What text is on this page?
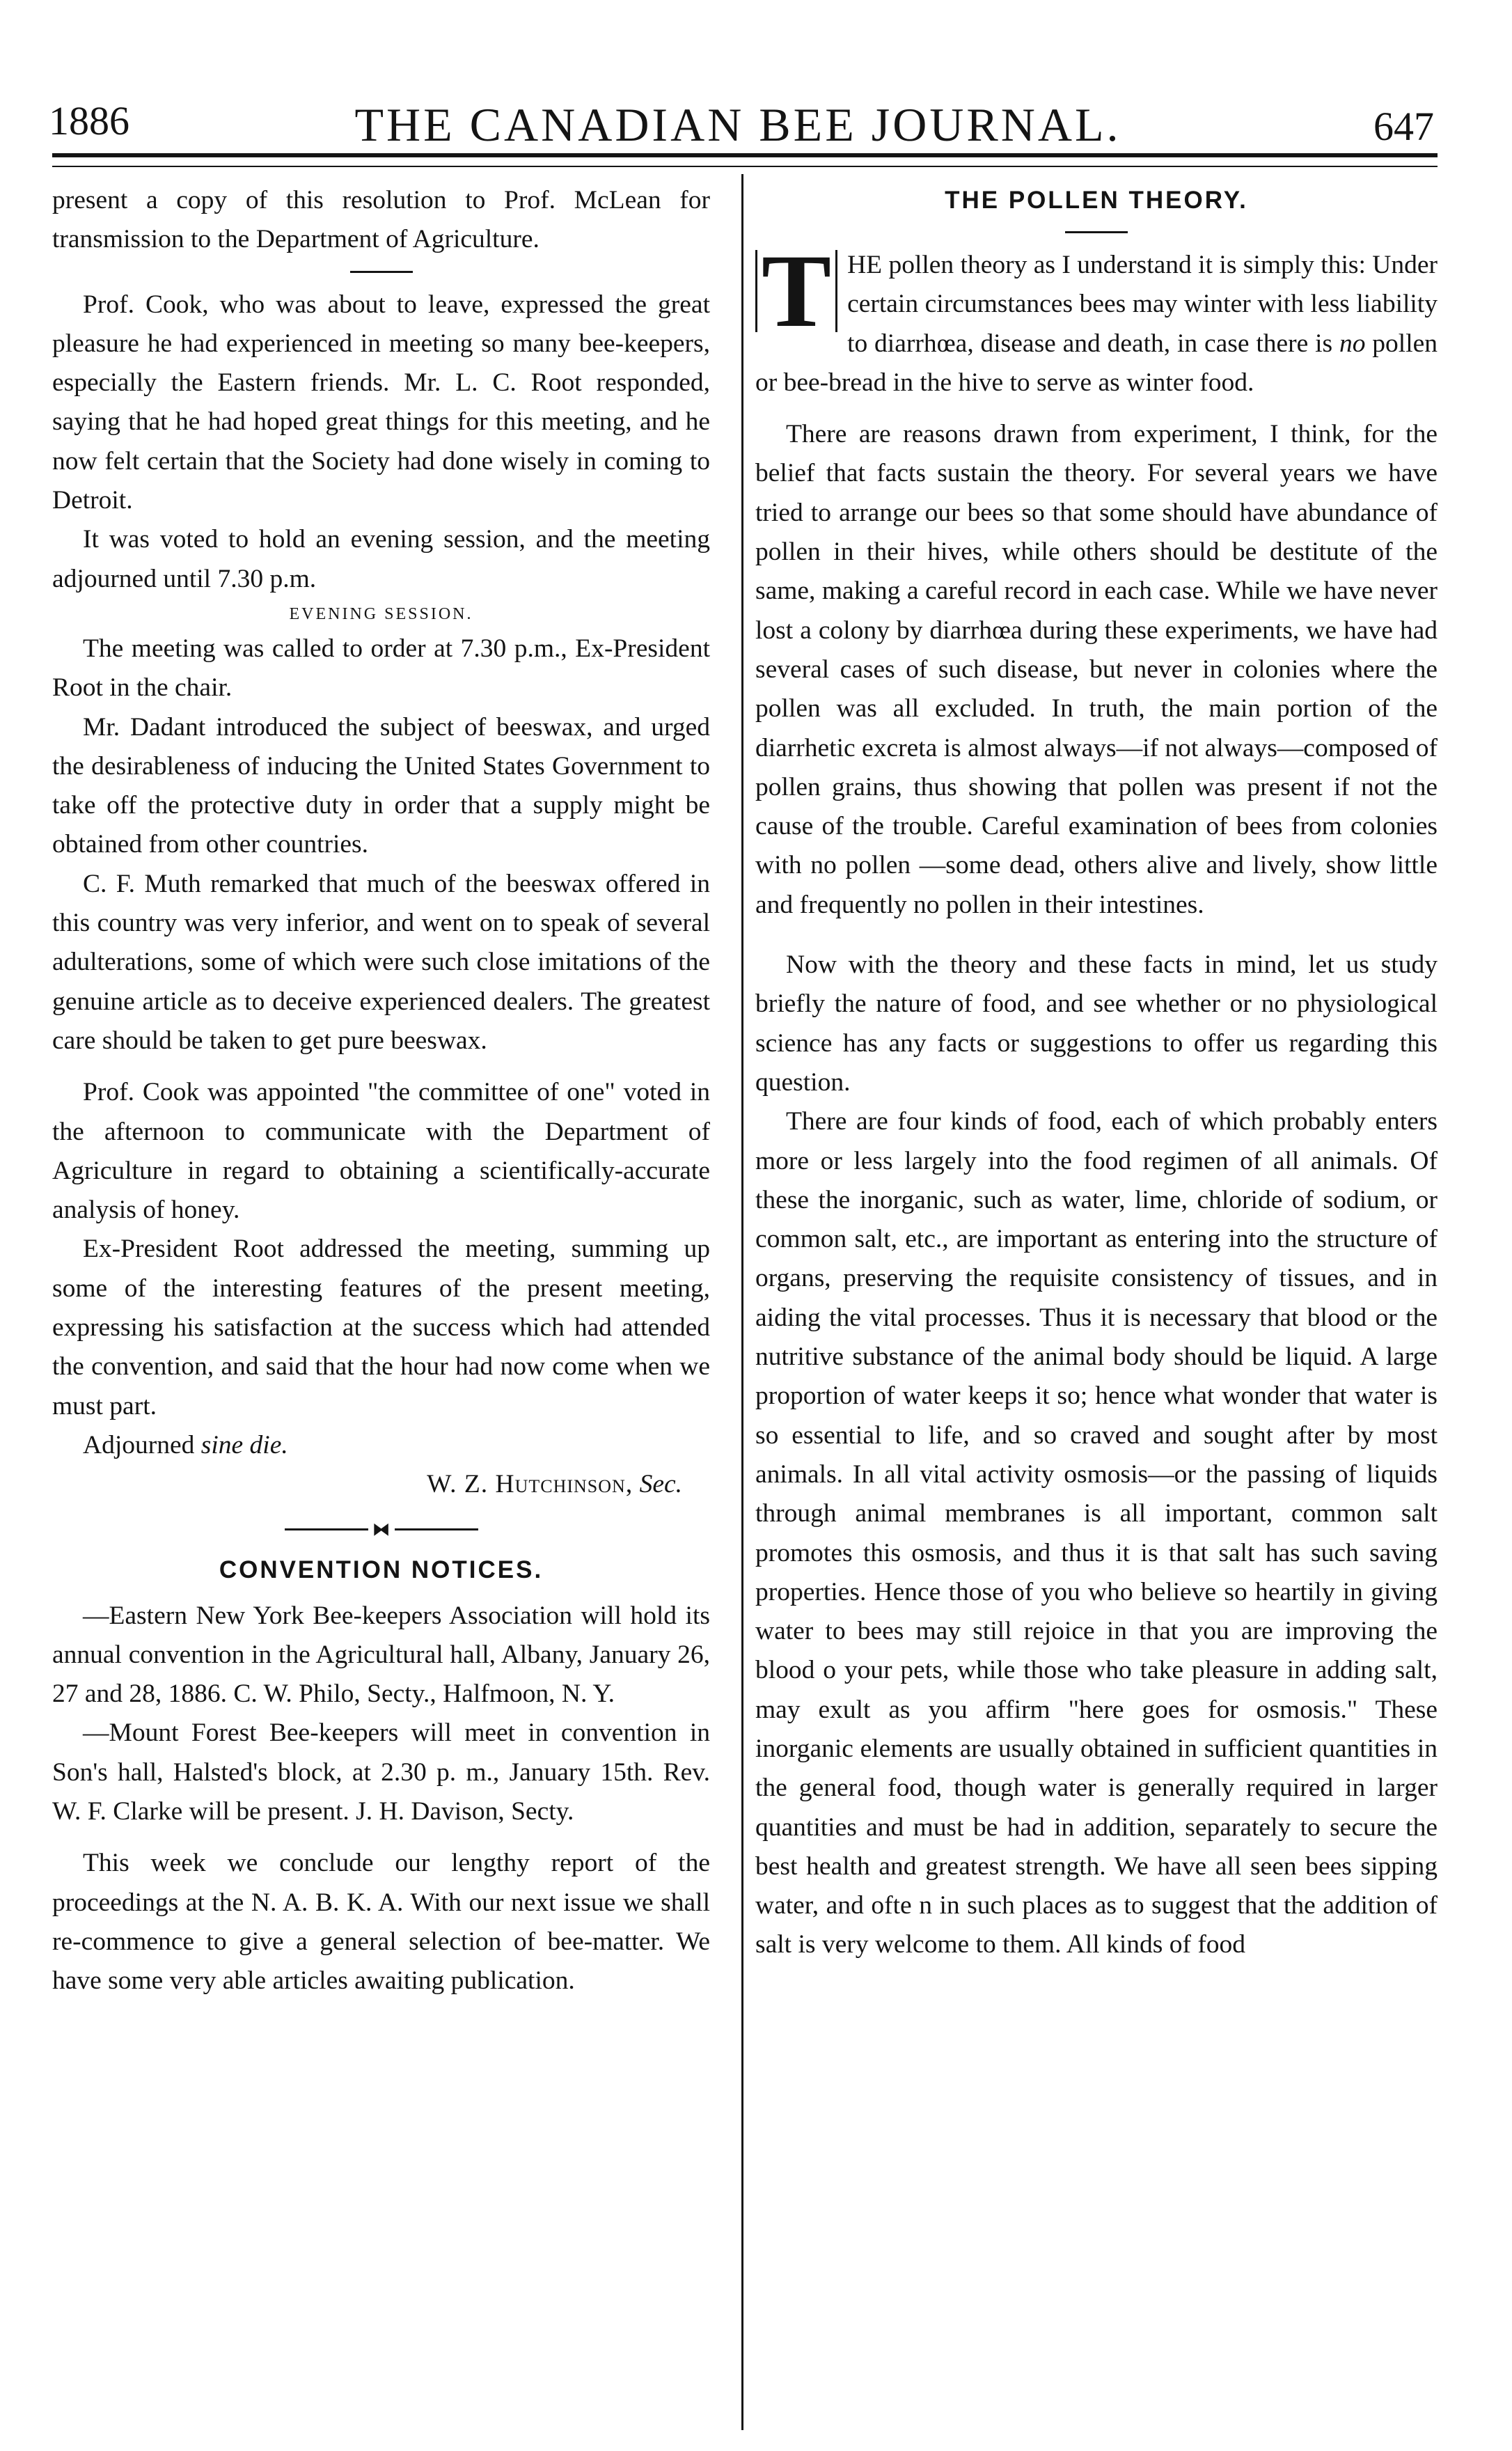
1886	THE CANADIAN BEE JOURNAL.	647

present a copy of this resolution to Prof. McLean for transmission to the Department of Agriculture.

Prof. Cook, who was about to leave, expressed the great pleasure he had experienced in meeting so many bee-keepers, especially the Eastern friends. Mr. L. C. Root responded, saying that he had hoped great things for this meeting, and he now felt certain that the Society had done wisely in coming to Detroit.

It was voted to hold an evening session, and the meeting adjourned until 7.30 p.m.

EVENING SESSION.

The meeting was called to order at 7.30 p.m., Ex-President Root in the chair.

Mr. Dadant introduced the subject of beeswax, and urged the desirableness of inducing the United States Government to take off the protective duty in order that a supply might be obtained from other countries.

C. F. Muth remarked that much of the beeswax offered in this country was very inferior, and went on to speak of several adulterations, some of which were such close imitations of the genuine article as to deceive experienced dealers. The greatest care should be taken to get pure beeswax.

Prof. Cook was appointed "the committee of one" voted in the afternoon to communicate with the Department of Agriculture in regard to obtaining a scientifically-accurate analysis of honey.

Ex-President Root addressed the meeting, summing up some of the interesting features of the present meeting, expressing his satisfaction at the success which had attended the convention, and said that the hour had now come when we must part.

Adjourned sine die.

W. Z. Hutchinson, Sec.
⧓
CONVENTION NOTICES.

—Eastern New York Bee-keepers Association will hold its annual convention in the Agricultural hall, Albany, January 26, 27 and 28, 1886. C. W. Philo, Secty., Halfmoon, N. Y.

—Mount Forest Bee-keepers will meet in convention in Son's hall, Halsted's block, at 2.30 p. m., January 15th. Rev. W. F. Clarke will be present. J. H. Davison, Secty.

This week we conclude our lengthy report of the proceedings at the N. A. B. K. A. With our next issue we shall re-commence to give a general selection of bee-matter. We have some very able articles awaiting publication.

THE POLLEN THEORY.
T HE pollen theory as I understand it is simply this: Under certain circumstances bees may winter with less liability to diarrhœa, disease and death, in case there is no pollen or bee-bread in the hive to serve as winter food.

There are reasons drawn from experiment, I think, for the belief that facts sustain the theory. For several years we have tried to arrange our bees so that some should have abundance of pollen in their hives, while others should be destitute of the same, making a careful record in each case. While we have never lost a colony by diarrhœa during these experiments, we have had several cases of such disease, but never in colonies where the pollen was all excluded. In truth, the main portion of the diarrhetic excreta is almost always—if not always—composed of pollen grains, thus showing that pollen was present if not the cause of the trouble. Careful examination of bees from colonies with no pollen —some dead, others alive and lively, show little and frequently no pollen in their intestines.

Now with the theory and these facts in mind, let us study briefly the nature of food, and see whether or no physiological science has any facts or suggestions to offer us regarding this question.

There are four kinds of food, each of which probably enters more or less largely into the food regimen of all animals. Of these the inorganic, such as water, lime, chloride of sodium, or common salt, etc., are important as entering into the structure of organs, preserving the requisite consistency of tissues, and in aiding the vital processes. Thus it is necessary that blood or the nutritive substance of the animal body should be liquid. A large proportion of water keeps it so; hence what wonder that water is so essential to life, and so craved and sought after by most animals. In all vital activity osmosis—or the passing of liquids through animal membranes is all important, common salt promotes this osmosis, and thus it is that salt has such saving properties. Hence those of you who believe so heartily in giving water to bees may still rejoice in that you are improving the blood o your pets, while those who take pleasure in adding salt, may exult as you affirm "here goes for osmosis." These inorganic elements are usually obtained in sufficient quantities in the general food, though water is generally required in larger quantities and must be had in addition, separately to secure the best health and greatest strength. We have all seen bees sipping water, and ofte n in such places as to suggest that the addition of salt is very welcome to them. All kinds of food
